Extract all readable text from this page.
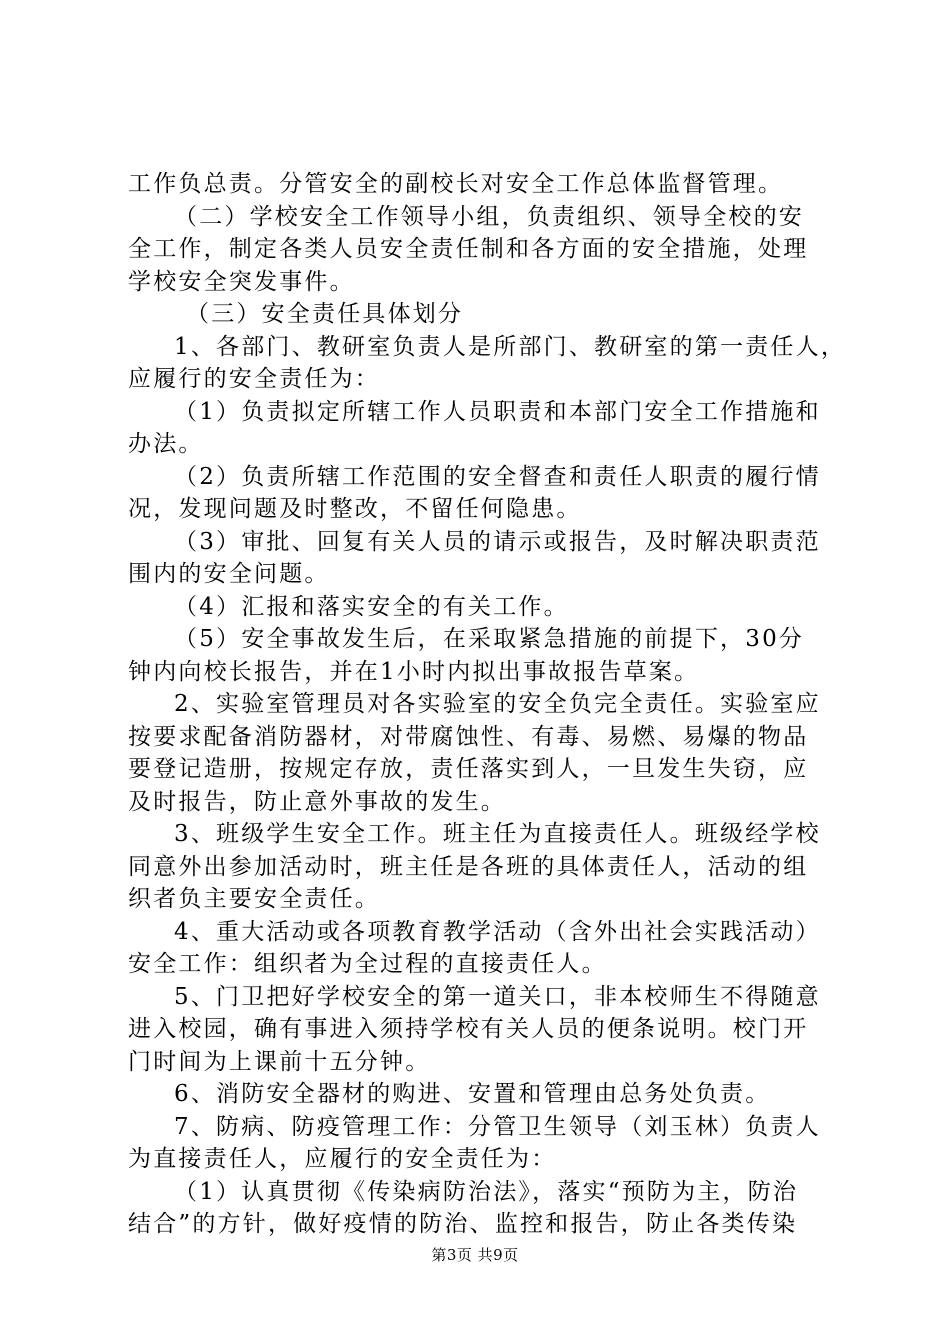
工作负总责。分管安全的副校长对安全工作总体监督管理。
（二）学校安全工作领导小组，负责组织、领导全校的安
全工作，制定各类人员安全责任制和各方面的安全措施，处理
学校安全突发事件。
（三）安全责任具体划分
1、各部门、教研室负责人是所部门、教研室的第一责任人，
应履行的安全责任为：
（1）负责拟定所辖工作人员职责和本部门安全工作措施和
办法。
（2）负责所辖工作范围的安全督查和责任人职责的履行情
况，发现问题及时整改，不留任何隐患。
（3）审批、回复有关人员的请示或报告，及时解决职责范
围内的安全问题。
（4）汇报和落实安全的有关工作。
（5）安全事故发生后，在采取紧急措施的前提下，30分
钟内向校长报告，并在1小时内拟出事故报告草案。
2、实验室管理员对各实验室的安全负完全责任。实验室应
按要求配备消防器材，对带腐蚀性、有毒、易燃、易爆的物品
要登记造册，按规定存放，责任落实到人，一旦发生失窃，应
及时报告，防止意外事故的发生。
3、班级学生安全工作。班主任为直接责任人。班级经学校
同意外出参加活动时，班主任是各班的具体责任人，活动的组
织者负主要安全责任。
4、重大活动或各项教育教学活动（含外出社会实践活动）
安全工作：组织者为全过程的直接责任人。
5、门卫把好学校安全的第一道关口，非本校师生不得随意
进入校园，确有事进入须持学校有关人员的便条说明。校门开
门时间为上课前十五分钟。
6、消防安全器材的购进、安置和管理由总务处负责。
7、防病、防疫管理工作：分管卫生领导（刘玉林）负责人
为直接责任人，应履行的安全责任为：
（1）认真贯彻《传染病防治法》，落实“预防为主，防治
结合”的方针，做好疫情的防治、监控和报告，防止各类传染
第3页 共9页
